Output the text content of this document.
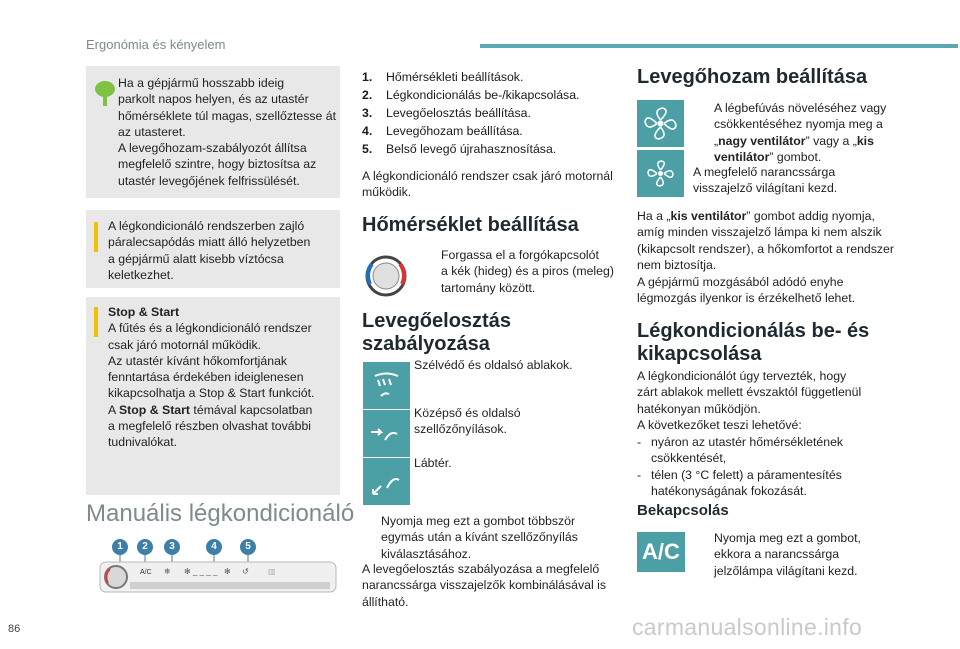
Ergonómia és kényelem
Ha a gépjármű hosszabb ideig
parkolt napos helyen, és az utastér
hőmérséklete túl magas, szellőztesse át
az utasteret.
A levegőhozam-szabályozót állítsa
megfelelő szintre, hogy biztosítsa az
utastér levegőjének felfrissülését.
A légkondicionáló rendszerben zajló
páralecsapódás miatt álló helyzetben
a gépjármű alatt kisebb víztócsa
keletkezhet.
Stop & Start
A fűtés és a légkondicionáló rendszer
csak járó motornál működik.
Az utastér kívánt hőkomfortjának
fenntartása érdekében ideiglenesen
kikapcsolhatja a Stop & Start funkciót.
A Stop & Start témával kapcsolatban
a megfelelő részben olvashat további
tudnivalókat.
Manuális légkondicionáló
A/C ❄ ✻ _ _ _ _ ✻ ↺ ▥
1	2	3	4	5
1. Hőmérsékleti beállítások.
2. Légkondicionálás be-/kikapcsolása.
3. Levegőelosztás beállítása.
4. Levegőhozam beállítása.
5. Belső levegő újrahasznosítása.
A légkondicionáló rendszer csak járó motornál
működik.
Hőmérséklet beállítása
Forgassa el a forgókapcsolót
a kék (hideg) és a piros (meleg)
tartomány között.
Levegőelosztás
szabályozása
Szélvédő és oldalsó ablakok.
Középső és oldalsó
szellőzőnyílások.
Lábtér.
Nyomja meg ezt a gombot többször
egymás után a kívánt szellőzőnyílás
kiválasztásához.
A levegőelosztás szabályozása a megfelelő
narancssárga visszajelzők kombinálásával is
állítható.
Levegőhozam beállítása
A légbefúvás növeléséhez vagy
csökkentéséhez nyomja meg a
„nagy ventilátor” vagy a „kis
ventilátor” gombot.
A megfelelő narancssárga
visszajelző világítani kezd.
Ha a „kis ventilátor” gombot addig nyomja,
amíg minden visszajelző lámpa ki nem alszik
(kikapcsolt rendszer), a hőkomfortot a rendszer
nem biztosítja.
A gépjármű mozgásából adódó enyhe
légmozgás ilyenkor is érzékelhető lehet.
Légkondicionálás be- és
kikapcsolása
A légkondicionálót úgy tervezték, hogy
zárt ablakok mellett évszaktól függetlenül
hatékonyan működjön.
A következőket teszi lehetővé:
- nyáron az utastér hőmérsékletének
csökkentését,
- télen (3 °C felett) a páramentesítés
hatékonyságának fokozását.
Bekapcsolás
A/C
Nyomja meg ezt a gombot,
ekkora a narancssárga
jelzőlámpa világítani kezd.
86	carmanualsonline.info
